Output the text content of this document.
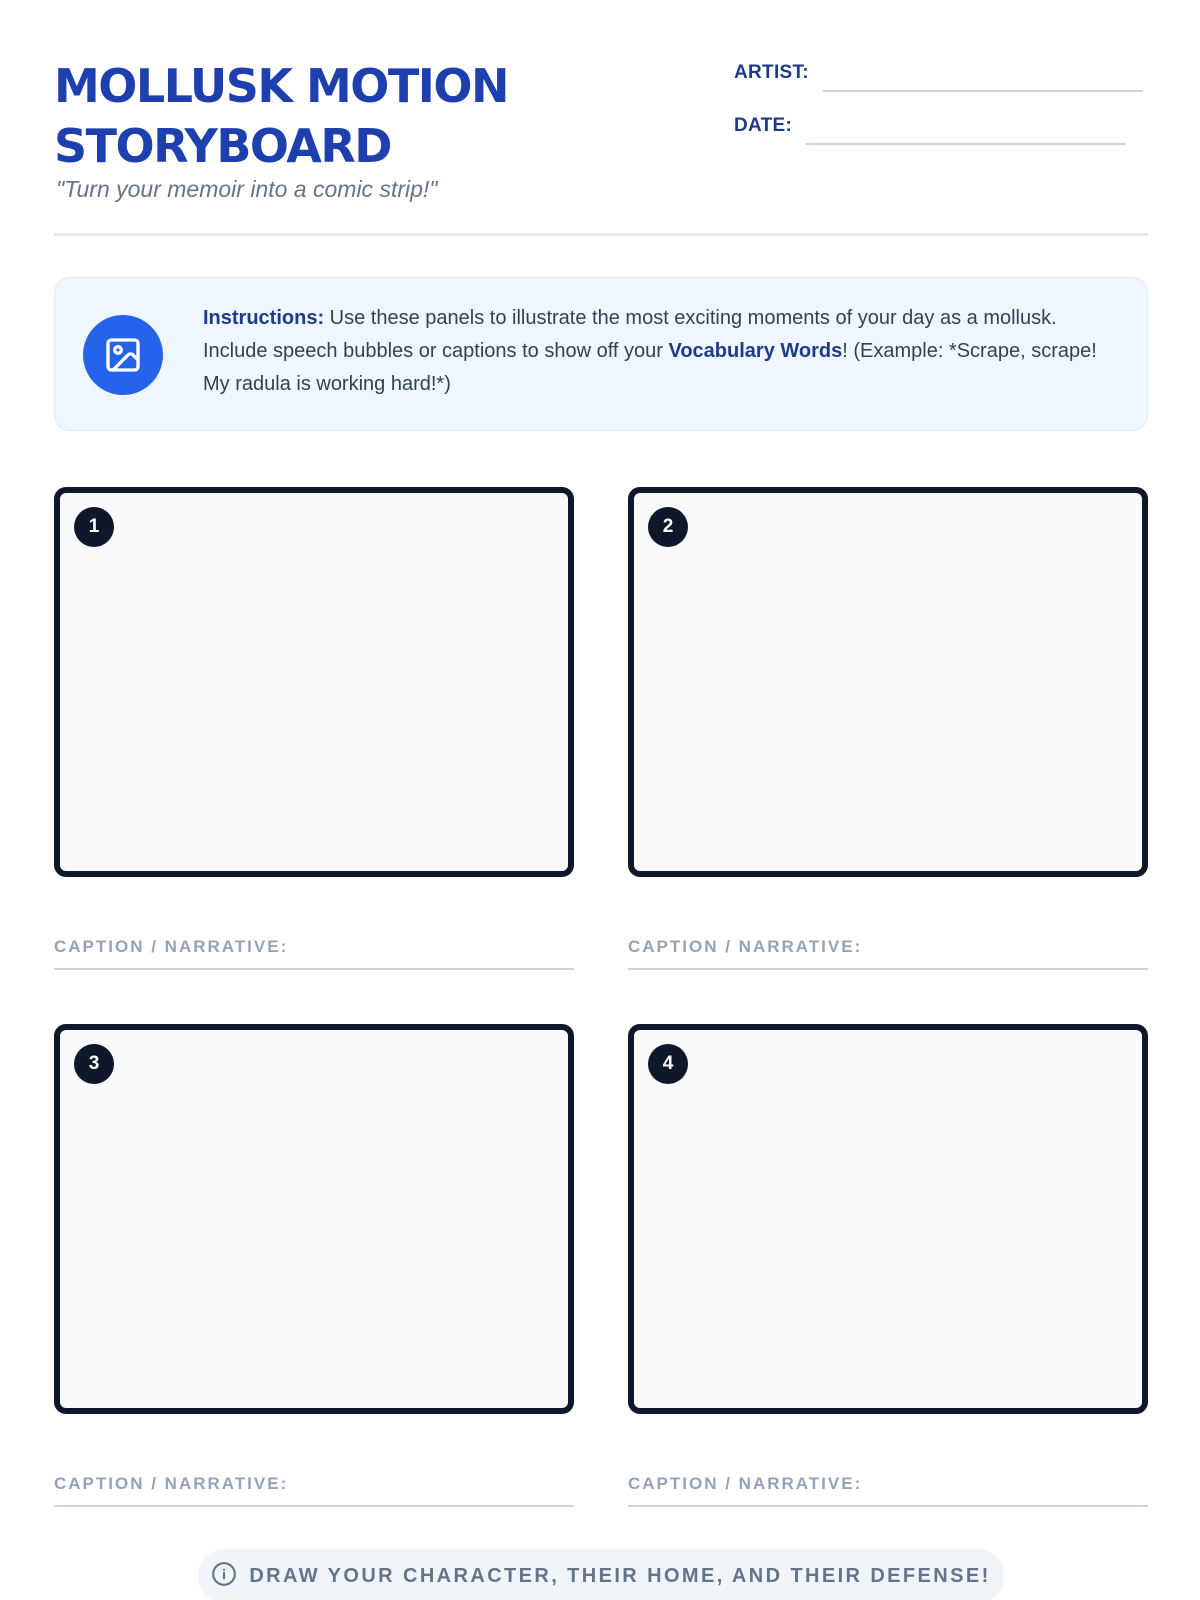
MOLLUSK MOTION
STORYBOARD
"Turn your memoir into a comic strip!"
ARTIST:
DATE:

Instructions: Use these panels to illustrate the most exciting moments of your day as a mollusk. Include speech bubbles or captions to show off your Vocabulary Words! (Example: *Scrape, scrape! My radula is working hard!*)

1	2
CAPTION / NARRATIVE:	CAPTION / NARRATIVE:
3	4
CAPTION / NARRATIVE:	CAPTION / NARRATIVE:
DRAW YOUR CHARACTER, THEIR HOME, AND THEIR DEFENSE!
